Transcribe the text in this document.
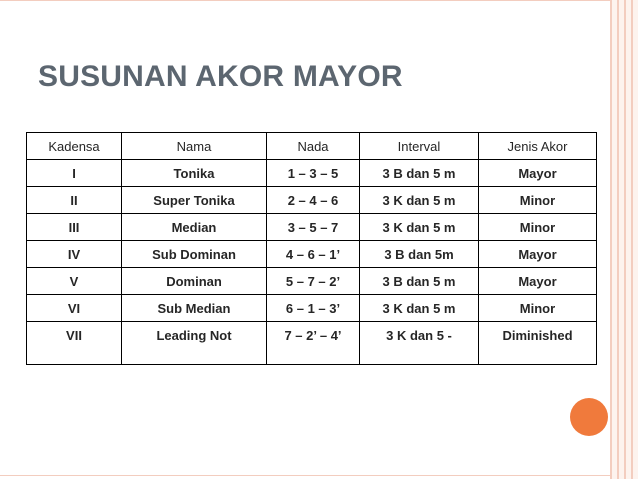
SUSUNAN AKOR MAYOR
Kadensa	Nama	Nada	Interval	Jenis Akor
I	Tonika	1 – 3 – 5	3 B dan 5 m	Mayor
II	Super Tonika	2 – 4 – 6	3 K dan 5 m	Minor
III	Median	3 – 5 – 7	3 K dan 5 m	Minor
IV	Sub Dominan	4 – 6 – 1’	3 B dan 5m	Mayor
V	Dominan	5 – 7 – 2’	3 B dan 5 m	Mayor
VI	Sub Median	6 – 1 – 3’	3 K dan 5 m	Minor
VII	Leading Not	7 – 2’ – 4’	3 K dan 5 -	Diminished
